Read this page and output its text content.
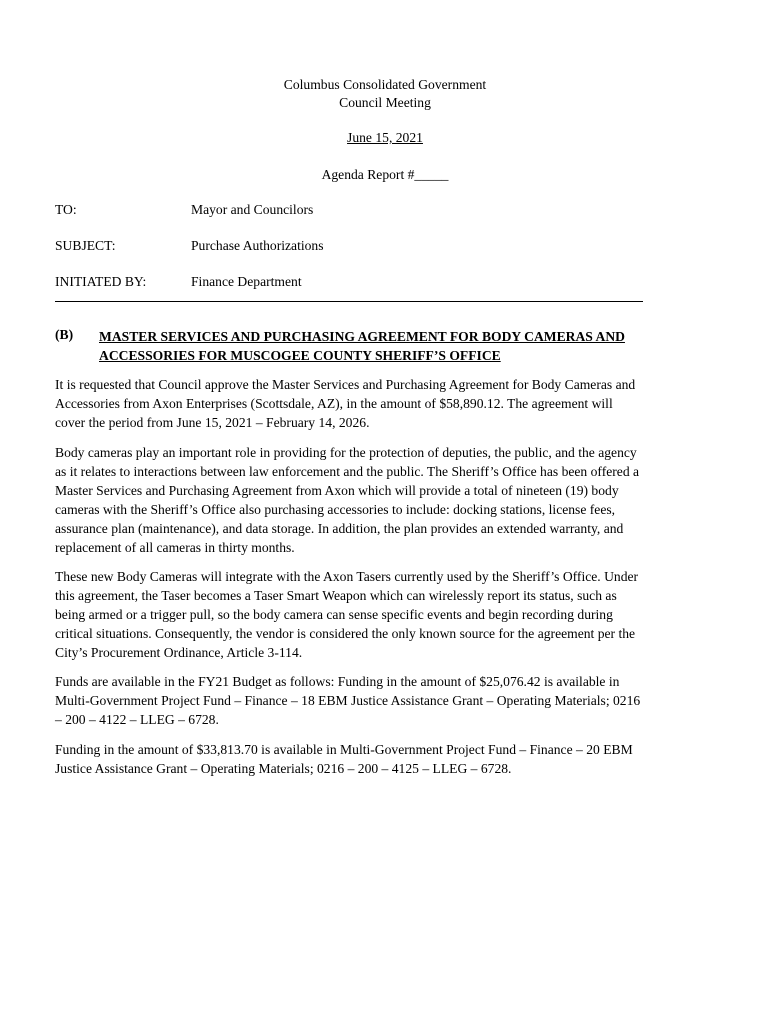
Columbus Consolidated Government
Council Meeting
June 15, 2021
Agenda Report #_____
TO:	Mayor and Councilors
SUBJECT:	Purchase Authorizations
INITIATED BY:	Finance Department
(B) MASTER SERVICES AND PURCHASING AGREEMENT FOR BODY CAMERAS AND
ACCESSORIES FOR MUSCOGEE COUNTY SHERIFF’S OFFICE
It is requested that Council approve the Master Services and Purchasing Agreement for Body Cameras and
Accessories from Axon Enterprises (Scottsdale, AZ), in the amount of $58,890.12. The agreement will
cover the period from June 15, 2021 – February 14, 2026.
Body cameras play an important role in providing for the protection of deputies, the public, and the agency
as it relates to interactions between law enforcement and the public. The Sheriff’s Office has been offered a
Master Services and Purchasing Agreement from Axon which will provide a total of nineteen (19) body
cameras with the Sheriff’s Office also purchasing accessories to include: docking stations, license fees,
assurance plan (maintenance), and data storage. In addition, the plan provides an extended warranty, and
replacement of all cameras in thirty months.
These new Body Cameras will integrate with the Axon Tasers currently used by the Sheriff’s Office. Under
this agreement, the Taser becomes a Taser Smart Weapon which can wirelessly report its status, such as
being armed or a trigger pull, so the body camera can sense specific events and begin recording during
critical situations. Consequently, the vendor is considered the only known source for the agreement per the
City’s Procurement Ordinance, Article 3-114.
Funds are available in the FY21 Budget as follows: Funding in the amount of $25,076.42 is available in
Multi-Government Project Fund – Finance – 18 EBM Justice Assistance Grant – Operating Materials; 0216
– 200 – 4122 – LLEG – 6728.
Funding in the amount of $33,813.70 is available in Multi-Government Project Fund – Finance – 20 EBM
Justice Assistance Grant – Operating Materials; 0216 – 200 – 4125 – LLEG – 6728.
